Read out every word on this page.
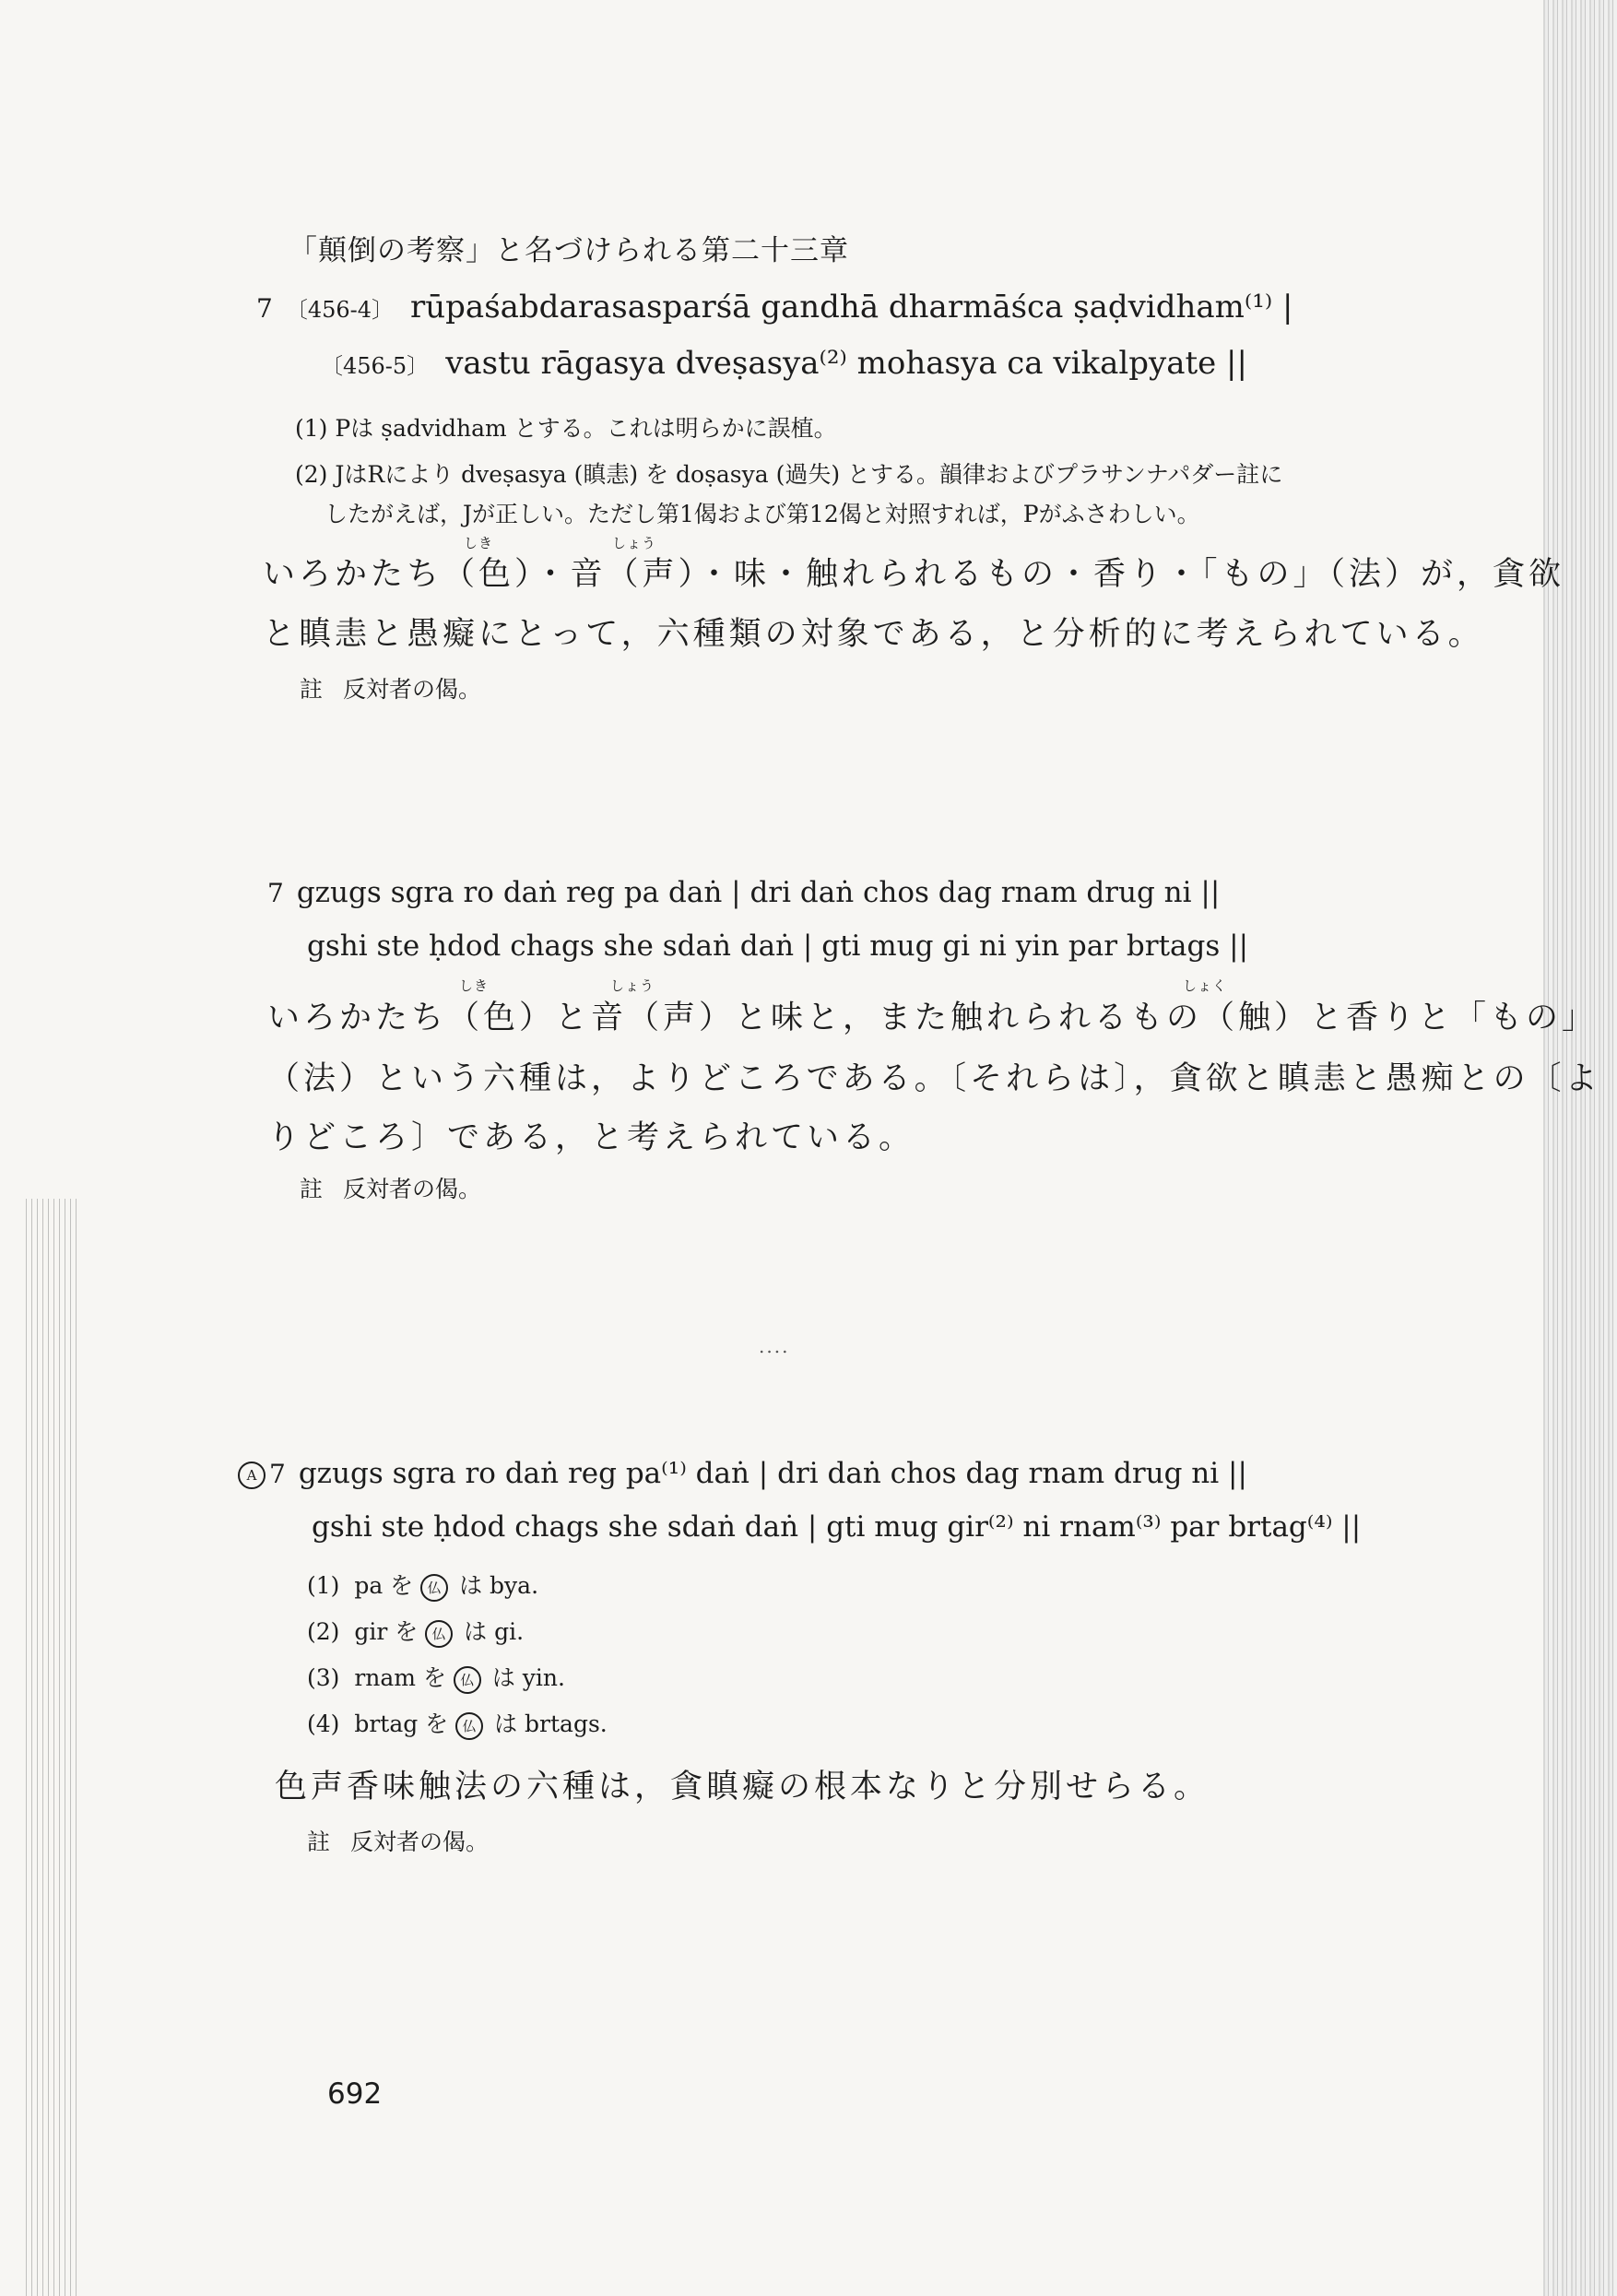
「顛倒の考察」と名づけられる第二十三章
7 〔456-4〕 rūpaśabdarasasparśā gandhā dharmāśca ṣaḍvidham⁽¹⁾ |
〔456-5〕 vastu rāgasya dveṣasya⁽²⁾ mohasya ca vikalpyate ||
(1) Pは ṣadvidham とする。これは明らかに誤植。
(2) JはRにより dveṣasya (瞋恚) を doṣasya (過失) とする。韻律およびプラサンナパダー註に
したがえば，Jが正しい。ただし第1偈および第12偈と対照すれば，Pがふさわしい。
しき	しょう
いろかたち（色）・音（声）・味・触れられるもの・香り・「もの」（法）が，貪欲
と瞋恚と愚癡にとって，六種類の対象である，と分析的に考えられている。
註 反対者の偈。
7 gzugs sgra ro daṅ reg pa daṅ | dri daṅ chos dag rnam drug ni ||
gshi ste ḥdod chags she sdaṅ daṅ | gti mug gi ni yin par brtags ||
しき	しょう	しょく
いろかたち（色）と音（声）と味と，また触れられるもの（触）と香りと「もの」
（法）という六種は，よりどころである。〔それらは〕，貪欲と瞋恚と愚痴との〔よ
りどころ〕である，と考えられている。
註 反対者の偈。
....
A 7 gzugs sgra ro daṅ reg pa⁽¹⁾ daṅ | dri daṅ chos dag rnam drug ni ||
gshi ste ḥdod chags she sdaṅ daṅ | gti mug gir⁽²⁾ ni rnam⁽³⁾ par brtag⁽⁴⁾ ||
(1) pa を 仏 は bya.
(2) gir を 仏 は gi.
(3) rnam を 仏 は yin.
(4) brtag を 仏 は brtags.
色声香味触法の六種は，貪瞋癡の根本なりと分別せらる。
註 反対者の偈。
692
